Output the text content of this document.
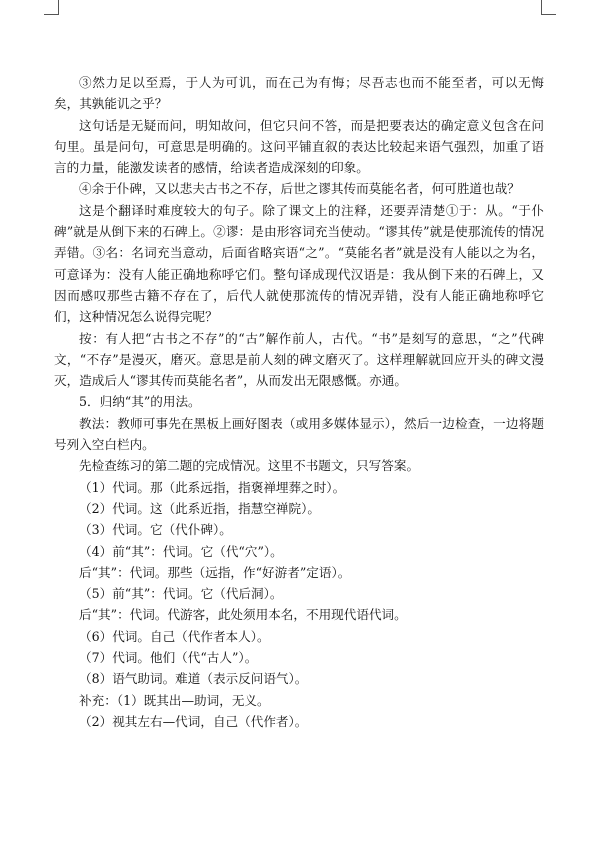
③然力足以至焉，于人为可讥，而在己为有悔；尽吾志也而不能至者，可以无悔矣，其孰能讥之乎？

这句话是无疑而问，明知故问，但它只问不答，而是把要表达的确定意义包含在问句里。虽是问句，可意思是明确的。这问平铺直叙的表达比较起来语气强烈，加重了语言的力量，能激发读者的感情，给读者造成深刻的印象。

④余于仆碑，又以悲夫古书之不存，后世之谬其传而莫能名者，何可胜道也哉？

这是个翻译时难度较大的句子。除了课文上的注释，还要弄清楚①于：从。“于仆碑”就是从倒下来的石碑上。②谬：是由形容词充当使动。“谬其传”就是使那流传的情况弄错。③名：名词充当意动，后面省略宾语“之”。“莫能名者”就是没有人能以之为名，可意译为：没有人能正确地称呼它们。整句译成现代汉语是：我从倒下来的石碑上，又因而感叹那些古籍不存在了，后代人就使那流传的情况弄错，没有人能正确地称呼它们，这种情况怎么说得完呢？

按：有人把“古书之不存”的“古”解作前人，古代。“书”是刻写的意思，“之”代碑文，“不存”是漫灭，磨灭。意思是前人刻的碑文磨灭了。这样理解就回应开头的碑文漫灭，造成后人“谬其传而莫能名者”，从而发出无限感慨。亦通。

5．归纳“其”的用法。

教法：教师可事先在黑板上画好图表（或用多媒体显示），然后一边检查，一边将题号列入空白栏内。

先检查练习的第二题的完成情况。这里不书题文，只写答案。

（1）代词。那（此系远指，指褒禅埋葬之时）。

（2）代词。这（此系近指，指慧空禅院）。

（3）代词。它（代仆碑）。

（4）前“其”：代词。它（代“穴”）。

后“其”：代词。那些（远指，作“好游者”定语）。

（5）前“其”：代词。它（代后洞）。

后“其”：代词。代游客，此处须用本名，不用现代语代词。

（6）代词。自己（代作者本人）。

（7）代词。他们（代“古人”）。

（8）语气助词。难道（表示反问语气）。

补充：（1）既其出—助词，无义。

（2）视其左右—代词，自己（代作者）。
